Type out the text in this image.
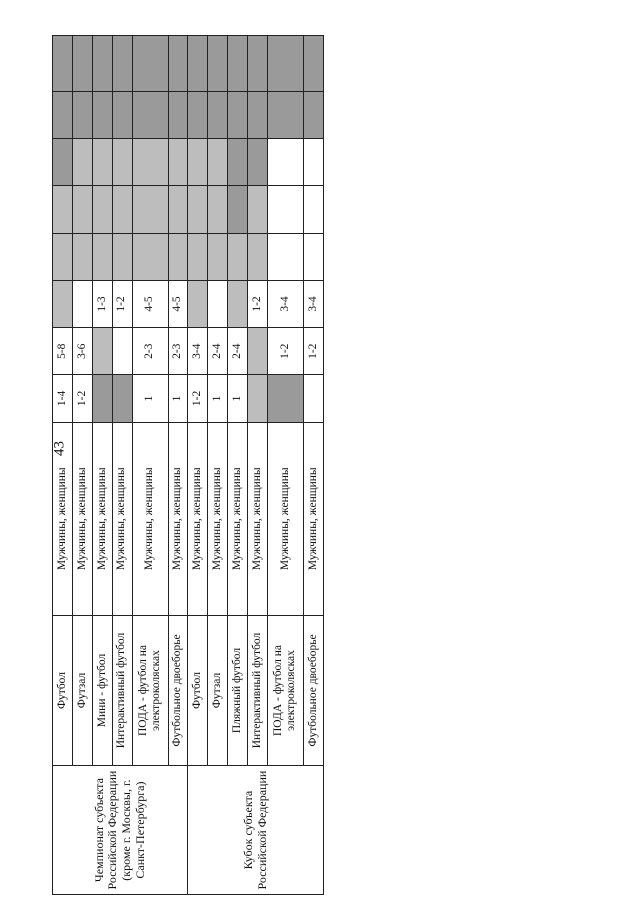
43
Чемпионат субъекта Российской Федерации (кроме г. Москвы, г. Санкт-Петербурга)	Футбол	Мужчины, женщины	1-4	5-8						
	Футзал	Мужчины, женщины	1-2	3-6						
	Мини - футбол	Мужчины, женщины			1-3					
	Интерактивный футбол	Мужчины, женщины			1-2					
	ПОДА - футбол на электроколясках	Мужчины, женщины	1	2-3	4-5					
	Футбольное двоеборье	Мужчины, женщины	1	2-3	4-5					
Кубок субъекта Российской Федерации	Футбол	Мужчины, женщины	1-2	3-4						
	Футзал	Мужчины, женщины	1	2-4						
	Пляжный футбол	Мужчины, женщины	1	2-4						
	Интерактивный футбол	Мужчины, женщины			1-2					
	ПОДА - футбол на электроколясках	Мужчины, женщины		1-2	3-4					
	Футбольное двоеборье	Мужчины, женщины		1-2	3-4					
